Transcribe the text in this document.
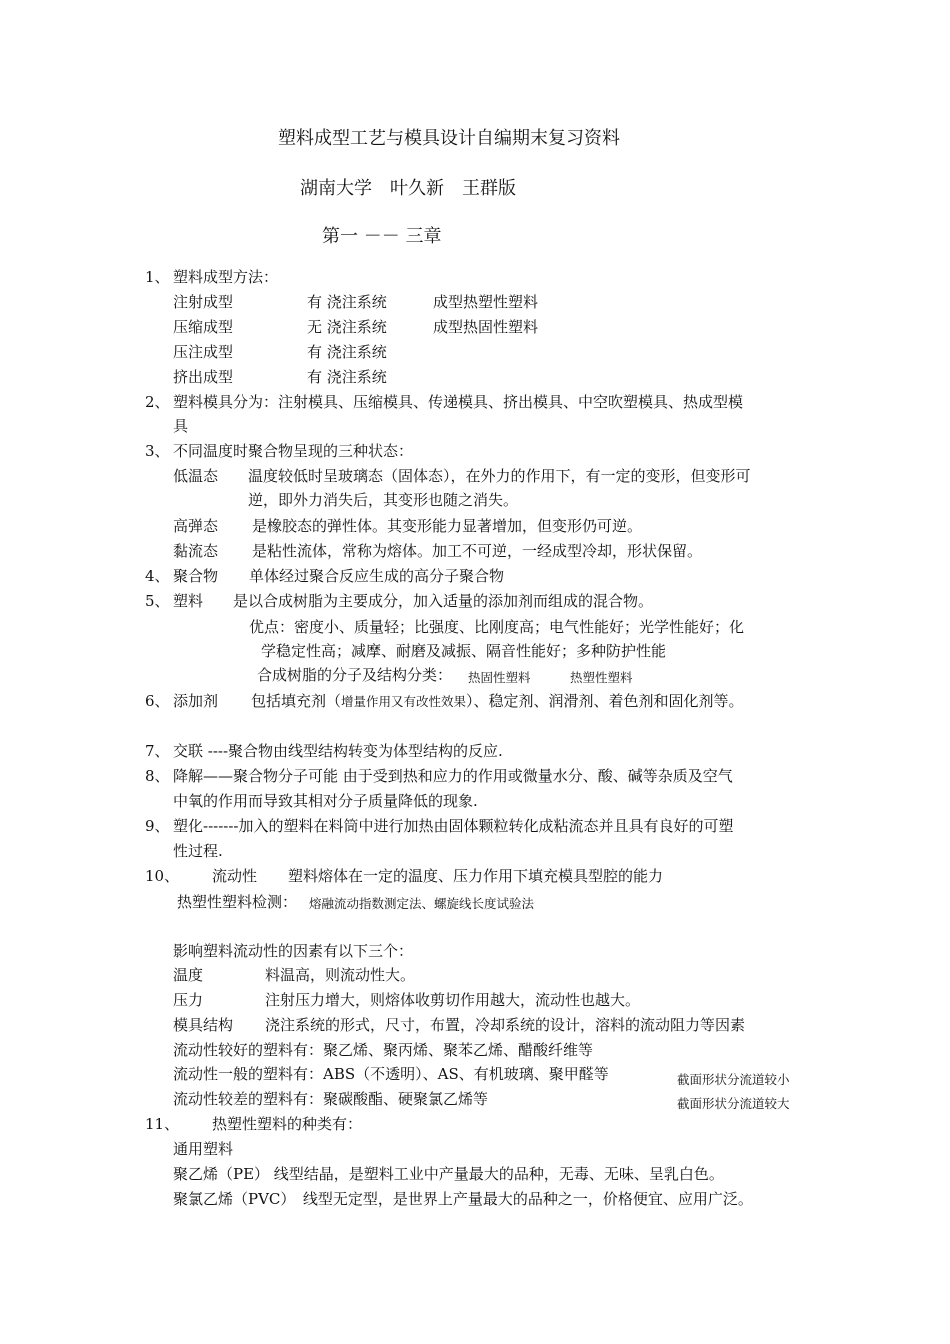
塑料成型工艺与模具设计自编期末复习资料
湖南大学　叶久新　王群版
第一 －－ 三章
1、 塑料成型方法：
注射成型	有 浇注系统	成型热塑性塑料
压缩成型	无 浇注系统	成型热固性塑料
压注成型	有 浇注系统
挤出成型	有 浇注系统
2、 塑料模具分为：注射模具、压缩模具、传递模具、挤出模具、中空吹塑模具、热成型模
具
3、 不同温度时聚合物呈现的三种状态：
低温态 温度较低时呈玻璃态（固体态），在外力的作用下，有一定的变形，但变形可
逆，即外力消失后，其变形也随之消失。
高弹态 是橡胶态的弹性体。其变形能力显著增加，但变形仍可逆。
黏流态 是粘性流体，常称为熔体。加工不可逆，一经成型冷却，形状保留。
4、 聚合物 单体经过聚合反应生成的高分子聚合物
5、 塑料 是以合成树脂为主要成分，加入适量的添加剂而组成的混合物。
优点：密度小、质量轻；比强度、比刚度高；电气性能好；光学性能好；化
学稳定性高；减摩、耐磨及减振、隔音性能好；多种防护性能
合成树脂的分子及结构分类： 热固性塑料	热塑性塑料
6、 添加剂 包括填充剂（增量作用又有改性效果）、稳定剂、润滑剂、着色剂和固化剂等。
7、 交联 ----聚合物由线型结构转变为体型结构的反应.
8、 降解——聚合物分子可能 由于受到热和应力的作用或微量水分、酸、碱等杂质及空气
中氧的作用而导致其相对分子质量降低的现象.
9、 塑化-------加入的塑料在料筒中进行加热由固体颗粒转化成粘流态并且具有良好的可塑
性过程.
10、 流动性 塑料熔体在一定的温度、压力作用下填充模具型腔的能力
热塑性塑料检测： 熔融流动指数测定法、螺旋线长度试验法
影响塑料流动性的因素有以下三个：
温度	料温高，则流动性大。
压力	注射压力增大，则熔体收剪切作用越大，流动性也越大。
模具结构 浇注系统的形式，尺寸，布置，冷却系统的设计，溶料的流动阻力等因素
流动性较好的塑料有：聚乙烯、聚丙烯、聚苯乙烯、醋酸纤维等
流动性一般的塑料有：ABS（不透明）、AS、有机玻璃、聚甲醛等	截面形状分流道较小
流动性较差的塑料有：聚碳酸酯、硬聚氯乙烯等	截面形状分流道较大
11、 热塑性塑料的种类有：
通用塑料
聚乙烯（PE） 线型结晶，是塑料工业中产量最大的品种，无毒、无味、呈乳白色。
聚氯乙烯（PVC）　线型无定型，是世界上产量最大的品种之一，价格便宜、应用广泛。
